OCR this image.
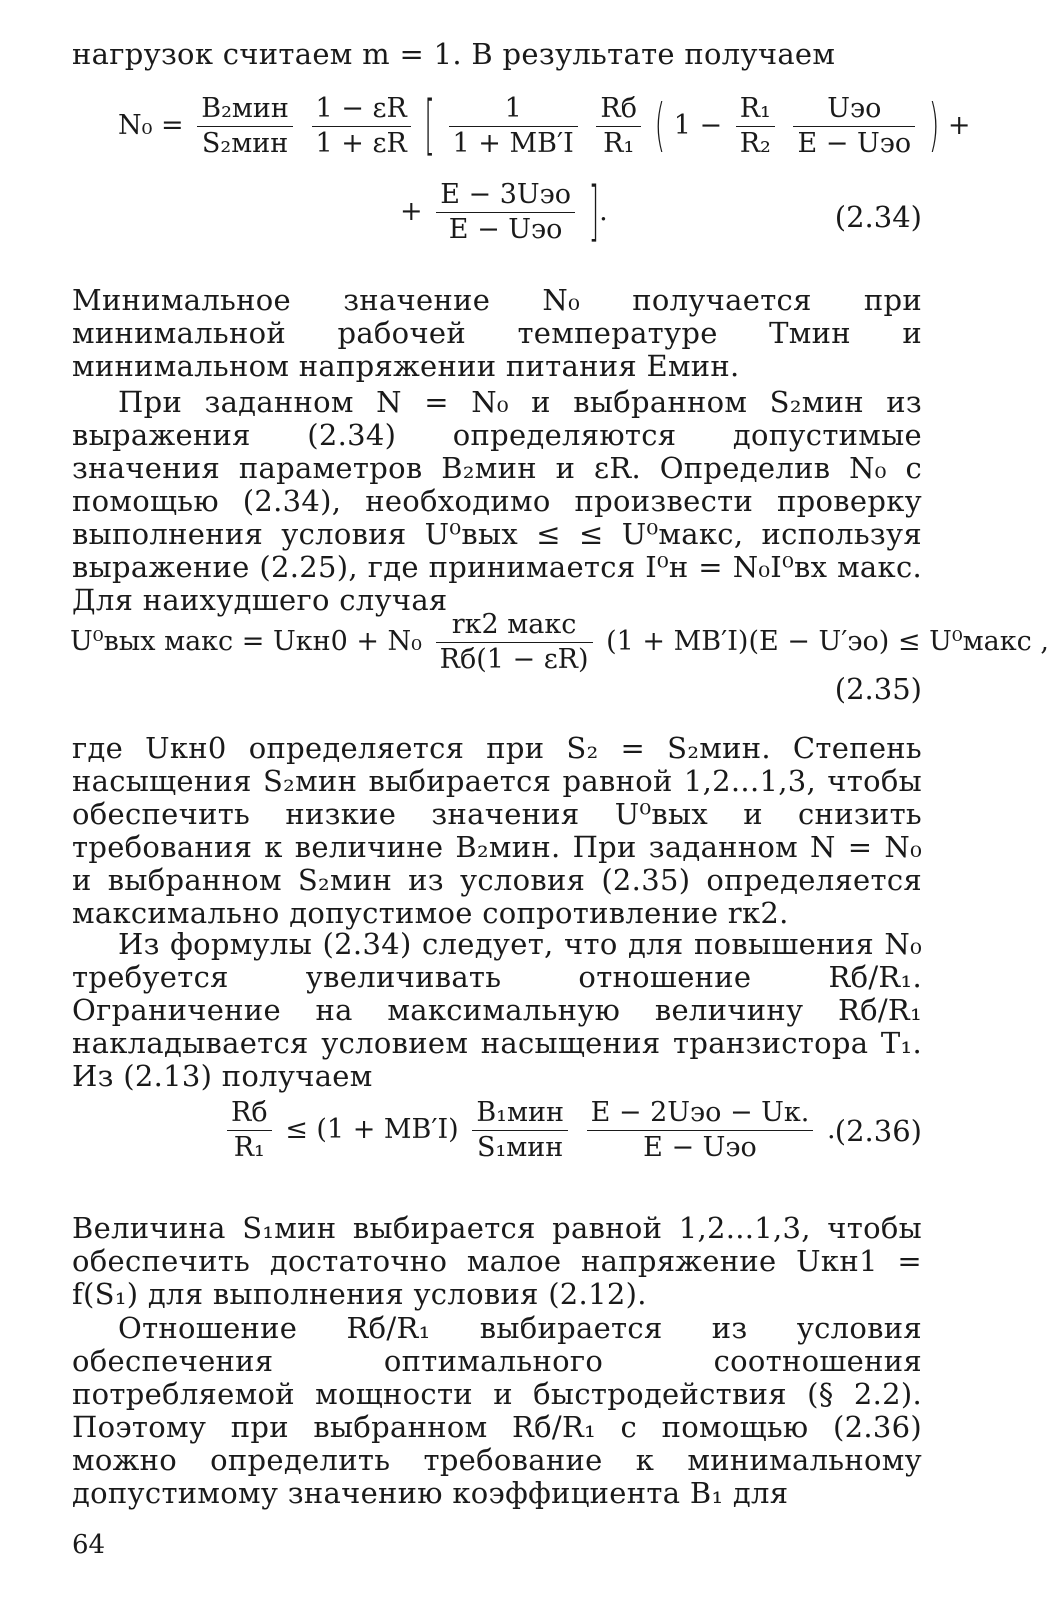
нагрузок считаем m = 1. В результате получаем
N₀ =
B₂мин
S₂мин
$\frac{1 - \varepsilon R}{1 + \varepsilon R}$ [ $\frac{1}{1 + MB'I}$
Rб
R₁ ( $1 - \frac{\text{R₁}}{\text{R₂}}$
	Uэо
E − Uэо ) +
+
E − 3Uэо
E − Uэо ].	(2.34)
Минимальное значение N₀ получается при минимальной рабочей температуре Tмин и минимальном напряжении питания Eмин.
При заданном N = N₀ и выбранном S₂мин из выражения (2.34) определяются допустимые значения параметров B₂мин и εR. Определив N₀ с помощью (2.34), необходимо произвести проверку выполнения условия U⁰вых ≤ ≤ U⁰макс, используя выражение (2.25), где принимается I⁰н = N₀I⁰вх макс. Для наихудшего случая
U⁰вых макс = Uкн0 + N₀
rк2 макс
Rб(1 − εR)
(1 + MB′I)(E − U′эо) ≤ U⁰макс ,
(2.35)
где Uкн0 определяется при S₂ = S₂мин. Степень насыщения S₂мин выбирается равной 1,2...1,3, чтобы обеспечить низкие значения U⁰вых и снизить требования к величине B₂мин. При заданном N = N₀ и выбранном S₂мин из условия (2.35) определяется максимально допустимое сопротивление rк2.
Из формулы (2.34) следует, что для повышения N₀ требуется увеличивать отношение Rб/R₁. Ограничение на максимальную величину Rб/R₁ накладывается условием насыщения транзистора T₁. Из (2.13) получаем
Rб
R₁
≤ (1 + MB′I)
B₁мин
S₁мин

E − 2Uэо − Uк.
E − Uэо
. (2.36)
Величина S₁мин выбирается равной 1,2...1,3, чтобы обеспечить достаточно малое напряжение Uкн1 = f(S₁) для выполнения условия (2.12).
Отношение Rб/R₁ выбирается из условия обеспечения оптимального соотношения потребляемой мощности и быстродействия (§ 2.2). Поэтому при выбранном Rб/R₁ с помощью (2.36) можно определить требование к минимальному допустимому значению коэффициента B₁ для
64
